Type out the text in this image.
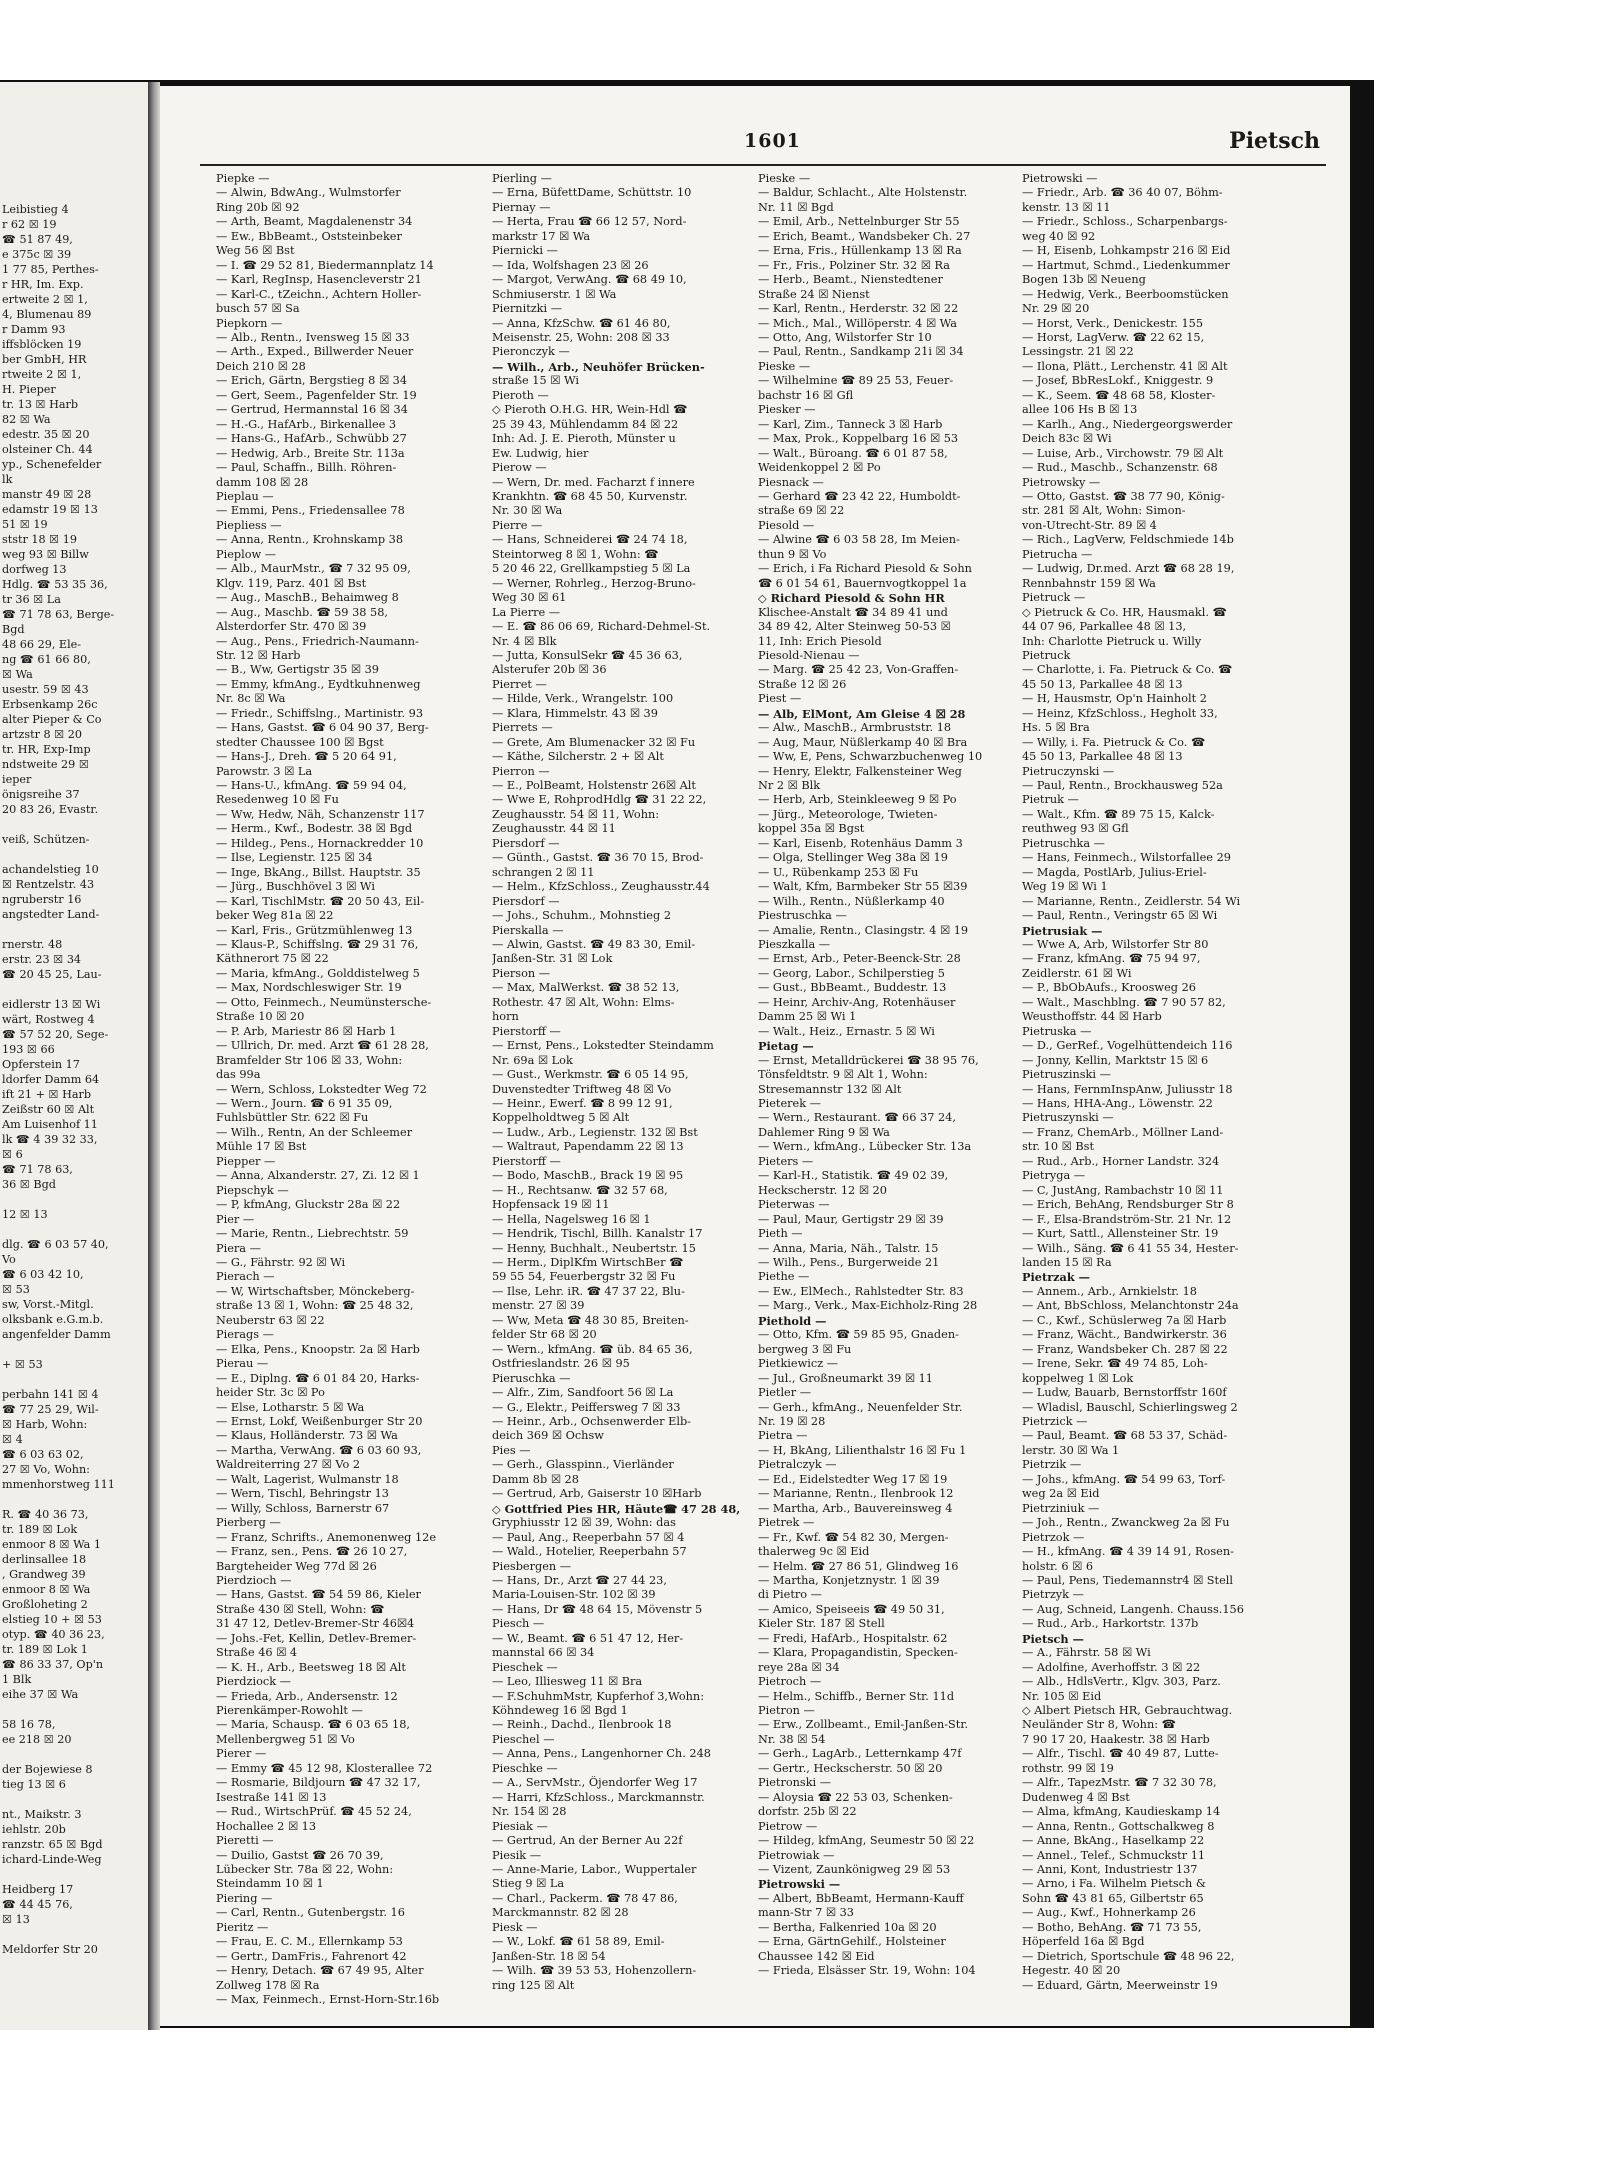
Leibistieg 4
r 62 ☒ 19
☎ 51 87 49,
e 375c ☒ 39
1 77 85, Perthes-
r HR, Im. Exp.
ertweite 2 ☒ 1,
4, Blumenau 89
r Damm 93
iffsblöcken 19
ber GmbH, HR
rtweite 2 ☒ 1,
H. Pieper
tr. 13 ☒ Harb
82 ☒ Wa
edestr. 35 ☒ 20
olsteiner Ch. 44
yp., Schenefelder
lk
manstr 49 ☒ 28
edamstr 19 ☒ 13
51 ☒ 19
ststr 18 ☒ 19
weg 93 ☒ Billw
dorfweg 13
Hdlg. ☎ 53 35 36,
tr 36 ☒ La
☎ 71 78 63, Berge-
Bgd
48 66 29, Ele-
ng ☎ 61 66 80,
☒ Wa
usestr. 59 ☒ 43
Erbsenkamp 26c
alter Pieper & Co
artzstr 8 ☒ 20
tr. HR, Exp-Imp
ndstweite 29 ☒
ieper
önigsreihe 37
20 83 26, Evastr.

veiß, Schützen-

achandelstieg 10
☒ Rentzelstr. 43
ngruberstr 16
angstedter Land-

rnerstr. 48
erstr. 23 ☒ 34
☎ 20 45 25, Lau-

eidlerstr 13 ☒ Wi
wärt, Rostweg 4
☎ 57 52 20, Sege-
193 ☒ 66
Opferstein 17
ldorfer Damm 64
ift 21 + ☒ Harb
Zeißstr 60 ☒ Alt
Am Luisenhof 11
lk ☎ 4 39 32 33,
☒ 6
☎ 71 78 63,
36 ☒ Bgd

12 ☒ 13

dlg. ☎ 6 03 57 40,
Vo
☎ 6 03 42 10,
☒ 53
sw, Vorst.-Mitgl.
olksbank e.G.m.b.
angenfelder Damm

+ ☒ 53

perbahn 141 ☒ 4
☎ 77 25 29, Wil-
☒ Harb, Wohn:
☒ 4
☎ 6 03 63 02,
27 ☒ Vo, Wohn:
mmenhorstweg 111

R. ☎ 40 36 73,
tr. 189 ☒ Lok
enmoor 8 ☒ Wa 1
derlinsallee 18
, Grandweg 39
enmoor 8 ☒ Wa
Großloheting 2
elstieg 10 + ☒ 53
otyp. ☎ 40 36 23,
tr. 189 ☒ Lok 1
☎ 86 33 37, Op'n
1 Blk
eihe 37 ☒ Wa

58 16 78,
ee 218 ☒ 20

der Bojewiese 8
tieg 13 ☒ 6

nt., Maikstr. 3
iehlstr. 20b
ranzstr. 65 ☒ Bgd
ichard-Linde-Weg

Heidberg 17
☎ 44 45 76,
☒ 13

Meldorfer Str 20
1601	Pietsch
Piepke —
— Alwin, BdwAng., Wulmstorfer
Ring 20b ☒ 92
— Arth, Beamt, Magdalenenstr 34
— Ew., BbBeamt., Oststeinbeker
Weg 56 ☒ Bst
— I. ☎ 29 52 81, Biedermannplatz 14
— Karl, RegInsp, Hasencleverstr 21
— Karl-C., tZeichn., Achtern Holler-
busch 57 ☒ Sa
Piepkorn —
— Alb., Rentn., Ivensweg 15 ☒ 33
— Arth., Exped., Billwerder Neuer
Deich 210 ☒ 28
— Erich, Gärtn, Bergstieg 8 ☒ 34
— Gert, Seem., Pagenfelder Str. 19
— Gertrud, Hermannstal 16 ☒ 34
— H.-G., HafArb., Birkenallee 3
— Hans-G., HafArb., Schwübb 27
— Hedwig, Arb., Breite Str. 113a
— Paul, Schaffn., Billh. Röhren-
damm 108 ☒ 28
Pieplau —
— Emmi, Pens., Friedensallee 78
Piepliess —
— Anna, Rentn., Krohnskamp 38
Pieplow —
— Alb., MaurMstr., ☎ 7 32 95 09,
Klgv. 119, Parz. 401 ☒ Bst
— Aug., MaschB., Behaimweg 8
— Aug., Maschb. ☎ 59 38 58,
Alsterdorfer Str. 470 ☒ 39
— Aug., Pens., Friedrich-Naumann-
Str. 12 ☒ Harb
— B., Ww, Gertigstr 35 ☒ 39
— Emmy, kfmAng., Eydtkuhnenweg
Nr. 8c ☒ Wa
— Friedr., Schiffslng., Martinistr. 93
— Hans, Gastst. ☎ 6 04 90 37, Berg-
stedter Chaussee 100 ☒ Bgst
— Hans-J., Dreh. ☎ 5 20 64 91,
Parowstr. 3 ☒ La
— Hans-U., kfmAng. ☎ 59 94 04,
Resedenweg 10 ☒ Fu
— Ww, Hedw, Näh, Schanzenstr 117
— Herm., Kwf., Bodestr. 38 ☒ Bgd
— Hildeg., Pens., Hornackredder 10
— Ilse, Legienstr. 125 ☒ 34
— Inge, BkAng., Billst. Hauptstr. 35
— Jürg., Buschhövel 3 ☒ Wi
— Karl, TischlMstr. ☎ 20 50 43, Eil-
beker Weg 81a ☒ 22
— Karl, Fris., Grützmühlenweg 13
— Klaus-P., Schiffslng. ☎ 29 31 76,
Käthnerort 75 ☒ 22
— Maria, kfmAng., Golddistelweg 5
— Max, Nordschleswiger Str. 19
— Otto, Feinmech., Neumünstersche-
Straße 10 ☒ 20
— P. Arb, Mariestr 86 ☒ Harb 1
— Ullrich, Dr. med. Arzt ☎ 61 28 28,
Bramfelder Str 106 ☒ 33, Wohn:
das 99a
— Wern, Schloss, Lokstedter Weg 72
— Wern., Journ. ☎ 6 91 35 09,
Fuhlsbüttler Str. 622 ☒ Fu
— Wilh., Rentn, An der Schleemer
Mühle 17 ☒ Bst
Piepper —
— Anna, Alxanderstr. 27, Zi. 12 ☒ 1
Piepschyk —
— P, kfmAng, Gluckstr 28a ☒ 22
Pier —
— Marie, Rentn., Liebrechtstr. 59
Piera —
— G., Fährstr. 92 ☒ Wi
Pierach —
— W, Wirtschaftsber, Mönckeberg-
straße 13 ☒ 1, Wohn: ☎ 25 48 32,
Neuberstr 63 ☒ 22
Pierags —
— Elka, Pens., Knoopstr. 2a ☒ Harb
Pierau —
— E., Diplng. ☎ 6 01 84 20, Harks-
heider Str. 3c ☒ Po
— Else, Lotharstr. 5 ☒ Wa
— Ernst, Lokf, Weißenburger Str 20
— Klaus, Holländerstr. 73 ☒ Wa
— Martha, VerwAng. ☎ 6 03 60 93,
Waldreiterring 27 ☒ Vo 2
— Walt, Lagerist, Wulmanstr 18
— Wern, Tischl, Behringstr 13
— Willy, Schloss, Barnerstr 67
Pierberg —
— Franz, Schrifts., Anemonenweg 12e
— Franz, sen., Pens. ☎ 26 10 27,
Bargteheider Weg 77d ☒ 26
Pierdzioch —
— Hans, Gastst. ☎ 54 59 86, Kieler
Straße 430 ☒ Stell, Wohn: ☎
31 47 12, Detlev-Bremer-Str 46☒4
— Johs.-Fet, Kellin, Detlev-Bremer-
Straße 46 ☒ 4
— K. H., Arb., Beetsweg 18 ☒ Alt
Pierdziock —
— Frieda, Arb., Andersenstr. 12
Pierenkämper-Rowohlt —
— Maria, Schausp. ☎ 6 03 65 18,
Mellenbergweg 51 ☒ Vo
Pierer —
— Emmy ☎ 45 12 98, Klosterallee 72
— Rosmarie, Bildjourn ☎ 47 32 17,
Isestraße 141 ☒ 13
— Rud., WirtschPrüf. ☎ 45 52 24,
Hochallee 2 ☒ 13
Pieretti —
— Duilio, Gastst ☎ 26 70 39,
Lübecker Str. 78a ☒ 22, Wohn:
Steindamm 10 ☒ 1
Piering —
— Carl, Rentn., Gutenbergstr. 16
Pieritz —
— Frau, E. C. M., Ellernkamp 53
— Gertr., DamFris., Fahrenort 42
— Henry, Detach. ☎ 67 49 95, Alter
Zollweg 178 ☒ Ra
— Max, Feinmech., Ernst-Horn-Str.16b
Pierling —
— Erna, BüfettDame, Schüttstr. 10
Piernay —
— Herta, Frau ☎ 66 12 57, Nord-
markstr 17 ☒ Wa
Piernicki —
— Ida, Wolfshagen 23 ☒ 26
— Margot, VerwAng. ☎ 68 49 10,
Schmiuserstr. 1 ☒ Wa
Piernitzki —
— Anna, KfzSchw. ☎ 61 46 80,
Meisenstr. 25, Wohn: 208 ☒ 33
Pieronczyk —
— Wilh., Arb., Neuhöfer Brücken-
straße 15 ☒ Wi
Pieroth —
◇ Pieroth O.H.G. HR, Wein-Hdl ☎
25 39 43, Mühlendamm 84 ☒ 22
Inh: Ad. J. E. Pieroth, Münster u
Ew. Ludwig, hier
Pierow —
— Wern, Dr. med. Facharzt f innere
Krankhtn. ☎ 68 45 50, Kurvenstr.
Nr. 30 ☒ Wa
Pierre —
— Hans, Schneiderei ☎ 24 74 18,
Steintorweg 8 ☒ 1, Wohn: ☎
5 20 46 22, Grellkampstieg 5 ☒ La
— Werner, Rohrleg., Herzog-Bruno-
Weg 30 ☒ 61
La Pierre —
— E. ☎ 86 06 69, Richard-Dehmel-St.
Nr. 4 ☒ Blk
— Jutta, KonsulSekr ☎ 45 36 63,
Alsterufer 20b ☒ 36
Pierret —
— Hilde, Verk., Wrangelstr. 100
— Klara, Himmelstr. 43 ☒ 39
Pierrets —
— Grete, Am Blumenacker 32 ☒ Fu
— Käthe, Silcherstr. 2 + ☒ Alt
Pierron —
— E., PolBeamt, Holstenstr 26☒ Alt
— Wwe E, RohprodHdlg ☎ 31 22 22,
Zeughausstr. 54 ☒ 11, Wohn:
Zeughausstr. 44 ☒ 11
Piersdorf —
— Günth., Gastst. ☎ 36 70 15, Brod-
schrangen 2 ☒ 11
— Helm., KfzSchloss., Zeughausstr.44
Piersdorf —
— Johs., Schuhm., Mohnstieg 2
Pierskalla —
— Alwin, Gastst. ☎ 49 83 30, Emil-
Janßen-Str. 31 ☒ Lok
Pierson —
— Max, MalWerkst. ☎ 38 52 13,
Rothestr. 47 ☒ Alt, Wohn: Elms-
horn
Pierstorff —
— Ernst, Pens., Lokstedter Steindamm
Nr. 69a ☒ Lok
— Gust., Werkmstr. ☎ 6 05 14 95,
Duvenstedter Triftweg 48 ☒ Vo
— Heinr., Ewerf. ☎ 8 99 12 91,
Koppelholdtweg 5 ☒ Alt
— Ludw., Arb., Legienstr. 132 ☒ Bst
— Waltraut, Papendamm 22 ☒ 13
Pierstorff —
— Bodo, MaschB., Brack 19 ☒ 95
— H., Rechtsanw. ☎ 32 57 68,
Hopfensack 19 ☒ 11
— Hella, Nagelsweg 16 ☒ 1
— Hendrik, Tischl, Billh. Kanalstr 17
— Henny, Buchhalt., Neubertstr. 15
— Herm., DiplKfm WirtschBer ☎
59 55 54, Feuerbergstr 32 ☒ Fu
— Ilse, Lehr. iR. ☎ 47 37 22, Blu-
menstr. 27 ☒ 39
— Ww, Meta ☎ 48 30 85, Breiten-
felder Str 68 ☒ 20
— Wern., kfmAng. ☎ üb. 84 65 36,
Ostfrieslandstr. 26 ☒ 95
Pieruschka —
— Alfr., Zim, Sandfoort 56 ☒ La
— G., Elektr., Peiffersweg 7 ☒ 33
— Heinr., Arb., Ochsenwerder Elb-
deich 369 ☒ Ochsw
Pies —
— Gerh., Glasspinn., Vierländer
Damm 8b ☒ 28
— Gertrud, Arb, Gaiserstr 10 ☒Harb
◇ Gottfried Pies HR, Häute☎ 47 28 48,
Gryphiusstr 12 ☒ 39, Wohn: das
— Paul, Ang., Reeperbahn 57 ☒ 4
— Wald., Hotelier, Reeperbahn 57
Piesbergen —
— Hans, Dr., Arzt ☎ 27 44 23,
Maria-Louisen-Str. 102 ☒ 39
— Hans, Dr ☎ 48 64 15, Mövenstr 5
Piesch —
— W., Beamt. ☎ 6 51 47 12, Her-
mannstal 66 ☒ 34
Pieschek —
— Leo, Illiesweg 11 ☒ Bra
— F.SchuhmMstr, Kupferhof 3,Wohn:
Köhndeweg 16 ☒ Bgd 1
— Reinh., Dachd., Ilenbrook 18
Pieschel —
— Anna, Pens., Langenhorner Ch. 248
Pieschke —
— A., ServMstr., Öjendorfer Weg 17
— Harri, KfzSchloss., Marckmannstr.
Nr. 154 ☒ 28
Piesiak —
— Gertrud, An der Berner Au 22f
Piesik —
— Anne-Marie, Labor., Wuppertaler
Stieg 9 ☒ La
— Charl., Packerm. ☎ 78 47 86,
Marckmannstr. 82 ☒ 28
Piesk —
— W., Lokf. ☎ 61 58 89, Emil-
Janßen-Str. 18 ☒ 54
— Wilh. ☎ 39 53 53, Hohenzollern-
ring 125 ☒ Alt
Pieske —
— Baldur, Schlacht., Alte Holstenstr.
Nr. 11 ☒ Bgd
— Emil, Arb., Nettelnburger Str 55
— Erich, Beamt., Wandsbeker Ch. 27
— Erna, Fris., Hüllenkamp 13 ☒ Ra
— Fr., Fris., Polziner Str. 32 ☒ Ra
— Herb., Beamt., Nienstedtener
Straße 24 ☒ Nienst
— Karl, Rentn., Herderstr. 32 ☒ 22
— Mich., Mal., Willöperstr. 4 ☒ Wa
— Otto, Ang, Wilstorfer Str 10
— Paul, Rentn., Sandkamp 21i ☒ 34
Pieske —
— Wilhelmine ☎ 89 25 53, Feuer-
bachstr 16 ☒ Gfl
Piesker —
— Karl, Zim., Tanneck 3 ☒ Harb
— Max, Prok., Koppelbarg 16 ☒ 53
— Walt., Büroang. ☎ 6 01 87 58,
Weidenkoppel 2 ☒ Po
Piesnack —
— Gerhard ☎ 23 42 22, Humboldt-
straße 69 ☒ 22
Piesold —
— Alwine ☎ 6 03 58 28, Im Meien-
thun 9 ☒ Vo
— Erich, i Fa Richard Piesold & Sohn
☎ 6 01 54 61, Bauernvogtkoppel 1a
◇ Richard Piesold & Sohn HR
Klischee-Anstalt ☎ 34 89 41 und
34 89 42, Alter Steinweg 50-53 ☒
11, Inh: Erich Piesold
Piesold-Nienau —
— Marg. ☎ 25 42 23, Von-Graffen-
Straße 12 ☒ 26
Piest —
— Alb, ElMont, Am Gleise 4 ☒ 28
— Alw., MaschB., Armbruststr. 18
— Aug, Maur, Nüßlerkamp 40 ☒ Bra
— Ww, E, Pens, Schwarzbuchenweg 10
— Henry, Elektr, Falkensteiner Weg
Nr 2 ☒ Blk
— Herb, Arb, Steinkleeweg 9 ☒ Po
— Jürg., Meteorologe, Twieten-
koppel 35a ☒ Bgst
— Karl, Eisenb, Rotenhäus Damm 3
— Olga, Stellinger Weg 38a ☒ 19
— U., Rübenkamp 253 ☒ Fu
— Walt, Kfm, Barmbeker Str 55 ☒39
— Wilh., Rentn., Nüßlerkamp 40
Piestruschka —
— Amalie, Rentn., Clasingstr. 4 ☒ 19
Pieszkalla —
— Ernst, Arb., Peter-Beenck-Str. 28
— Georg, Labor., Schilperstieg 5
— Gust., BbBeamt., Buddestr. 13
— Heinr, Archiv-Ang, Rotenhäuser
Damm 25 ☒ Wi 1
— Walt., Heiz., Ernastr. 5 ☒ Wi
Pietag —
— Ernst, Metalldrückerei ☎ 38 95 76,
Tönsfeldtstr. 9 ☒ Alt 1, Wohn:
Stresemannstr 132 ☒ Alt
Pieterek —
— Wern., Restaurant. ☎ 66 37 24,
Dahlemer Ring 9 ☒ Wa
— Wern., kfmAng., Lübecker Str. 13a
Pieters —
— Karl-H., Statistik. ☎ 49 02 39,
Heckscherstr. 12 ☒ 20
Pieterwas —
— Paul, Maur, Gertigstr 29 ☒ 39
Pieth —
— Anna, Maria, Näh., Talstr. 15
— Wilh., Pens., Burgerweide 21
Piethe —
— Ew., ElMech., Rahlstedter Str. 83
— Marg., Verk., Max-Eichholz-Ring 28
Piethold —
— Otto, Kfm. ☎ 59 85 95, Gnaden-
bergweg 3 ☒ Fu
Pietkiewicz —
— Jul., Großneumarkt 39 ☒ 11
Pietler —
— Gerh., kfmAng., Neuenfelder Str.
Nr. 19 ☒ 28
Pietra —
— H, BkAng, Lilienthalstr 16 ☒ Fu 1
Pietralczyk —
— Ed., Eidelstedter Weg 17 ☒ 19
— Marianne, Rentn., Ilenbrook 12
— Martha, Arb., Bauvereinsweg 4
Pietrek —
— Fr., Kwf. ☎ 54 82 30, Mergen-
thalerweg 9c ☒ Eid
— Helm. ☎ 27 86 51, Glindweg 16
— Martha, Konjetznystr. 1 ☒ 39
di Pietro —
— Amico, Speiseeis ☎ 49 50 31,
Kieler Str. 187 ☒ Stell
— Fredi, HafArb., Hospitalstr. 62
— Klara, Propagandistin, Specken-
reye 28a ☒ 34
Pietroch —
— Helm., Schiffb., Berner Str. 11d
Pietron —
— Erw., Zollbeamt., Emil-Janßen-Str.
Nr. 38 ☒ 54
— Gerh., LagArb., Letternkamp 47f
— Gertr., Heckscherstr. 50 ☒ 20
Pietronski —
— Aloysia ☎ 22 53 03, Schenken-
dorfstr. 25b ☒ 22
Pietrow —
— Hildeg, kfmAng, Seumestr 50 ☒ 22
Pietrowiak —
— Vizent, Zaunkönigweg 29 ☒ 53
Pietrowski —
— Albert, BbBeamt, Hermann-Kauff
mann-Str 7 ☒ 33
— Bertha, Falkenried 10a ☒ 20
— Erna, GärtnGehilf., Holsteiner
Chaussee 142 ☒ Eid
— Frieda, Elsässer Str. 19, Wohn: 104
Pietrowski —
— Friedr., Arb. ☎ 36 40 07, Böhm-
kenstr. 13 ☒ 11
— Friedr., Schloss., Scharpenbargs-
weg 40 ☒ 92
— H, Eisenb, Lohkampstr 216 ☒ Eid
— Hartmut, Schmd., Liedenkummer
Bogen 13b ☒ Neueng
— Hedwig, Verk., Beerboomstücken
Nr. 29 ☒ 20
— Horst, Verk., Denickestr. 155
— Horst, LagVerw. ☎ 22 62 15,
Lessingstr. 21 ☒ 22
— Ilona, Plätt., Lerchenstr. 41 ☒ Alt
— Josef, BbResLokf., Kniggestr. 9
— K., Seem. ☎ 48 68 58, Kloster-
allee 106 Hs B ☒ 13
— Karlh., Ang., Niedergeorgswerder
Deich 83c ☒ Wi
— Luise, Arb., Virchowstr. 79 ☒ Alt
— Rud., Maschb., Schanzenstr. 68
Pietrowsky —
— Otto, Gastst. ☎ 38 77 90, König-
str. 281 ☒ Alt, Wohn: Simon-
von-Utrecht-Str. 89 ☒ 4
— Rich., LagVerw, Feldschmiede 14b
Pietrucha —
— Ludwig, Dr.med. Arzt ☎ 68 28 19,
Rennbahnstr 159 ☒ Wa
Pietruck —
◇ Pietruck & Co. HR, Hausmakl. ☎
44 07 96, Parkallee 48 ☒ 13,
Inh: Charlotte Pietruck u. Willy
Pietruck
— Charlotte, i. Fa. Pietruck & Co. ☎
45 50 13, Parkallee 48 ☒ 13
— H, Hausmstr, Op'n Hainholt 2
— Heinz, KfzSchloss., Hegholt 33,
Hs. 5 ☒ Bra
— Willy, i. Fa. Pietruck & Co. ☎
45 50 13, Parkallee 48 ☒ 13
Pietruczynski —
— Paul, Rentn., Brockhausweg 52a
Pietruk —
— Walt., Kfm. ☎ 89 75 15, Kalck-
reuthweg 93 ☒ Gfl
Pietruschka —
— Hans, Feinmech., Wilstorfallee 29
— Magda, PostlArb, Julius-Eriel-
Weg 19 ☒ Wi 1
— Marianne, Rentn., Zeidlerstr. 54 Wi
— Paul, Rentn., Veringstr 65 ☒ Wi
Pietrusiak —
— Wwe A, Arb, Wilstorfer Str 80
— Franz, kfmAng. ☎ 75 94 97,
Zeidlerstr. 61 ☒ Wi
— P., BbObAufs., Kroosweg 26
— Walt., Maschblng. ☎ 7 90 57 82,
Weusthoffstr. 44 ☒ Harb
Pietruska —
— D., GerRef., Vogelhüttendeich 116
— Jonny, Kellin, Marktstr 15 ☒ 6
Pietruszinski —
— Hans, FernmInspAnw, Juliusstr 18
— Hans, HHA-Ang., Löwenstr. 22
Pietruszynski —
— Franz, ChemArb., Möllner Land-
str. 10 ☒ Bst
— Rud., Arb., Horner Landstr. 324
Pietryga —
— C, JustAng, Rambachstr 10 ☒ 11
— Erich, BehAng, Rendsburger Str 8
— F., Elsa-Brandström-Str. 21 Nr. 12
— Kurt, Sattl., Allensteiner Str. 19
— Wilh., Säng. ☎ 6 41 55 34, Hester-
landen 15 ☒ Ra
Pietrzak —
— Annem., Arb., Arnkielstr. 18
— Ant, BbSchloss, Melanchtonstr 24a
— C., Kwf., Schüslerweg 7a ☒ Harb
— Franz, Wächt., Bandwirkerstr. 36
— Franz, Wandsbeker Ch. 287 ☒ 22
— Irene, Sekr. ☎ 49 74 85, Loh-
koppelweg 1 ☒ Lok
— Ludw, Bauarb, Bernstorffstr 160f
— Wladisl, Bauschl, Schierlingsweg 2
Pietrzick —
— Paul, Beamt. ☎ 68 53 37, Schäd-
lerstr. 30 ☒ Wa 1
Pietrzik —
— Johs., kfmAng. ☎ 54 99 63, Torf-
weg 2a ☒ Eid
Pietrziniuk —
— Joh., Rentn., Zwanckweg 2a ☒ Fu
Pietrzok —
— H., kfmAng. ☎ 4 39 14 91, Rosen-
holstr. 6 ☒ 6
— Paul, Pens, Tiedemannstr4 ☒ Stell
Pietrzyk —
— Aug, Schneid, Langenh. Chauss.156
— Rud., Arb., Harkortstr. 137b
Pietsch —
— A., Fährstr. 58 ☒ Wi
— Adolfine, Averhoffstr. 3 ☒ 22
— Alb., HdlsVertr., Klgv. 303, Parz.
Nr. 105 ☒ Eid
◇ Albert Pietsch HR, Gebrauchtwag.
Neuländer Str 8, Wohn: ☎
7 90 17 20, Haakestr. 38 ☒ Harb
— Alfr., Tischl. ☎ 40 49 87, Lutte-
rothstr. 99 ☒ 19
— Alfr., TapezMstr. ☎ 7 32 30 78,
Dudenweg 4 ☒ Bst
— Alma, kfmAng, Kaudieskamp 14
— Anna, Rentn., Gottschalkweg 8
— Anne, BkAng., Haselkamp 22
— Annel., Telef., Schmuckstr 11
— Anni, Kont, Industriestr 137
— Arno, i Fa. Wilhelm Pietsch &
Sohn ☎ 43 81 65, Gilbertstr 65
— Aug., Kwf., Hohnerkamp 26
— Botho, BehAng. ☎ 71 73 55,
Höperfeld 16a ☒ Bgd
— Dietrich, Sportschule ☎ 48 96 22,
Hegestr. 40 ☒ 20
— Eduard, Gärtn, Meerweinstr 19
